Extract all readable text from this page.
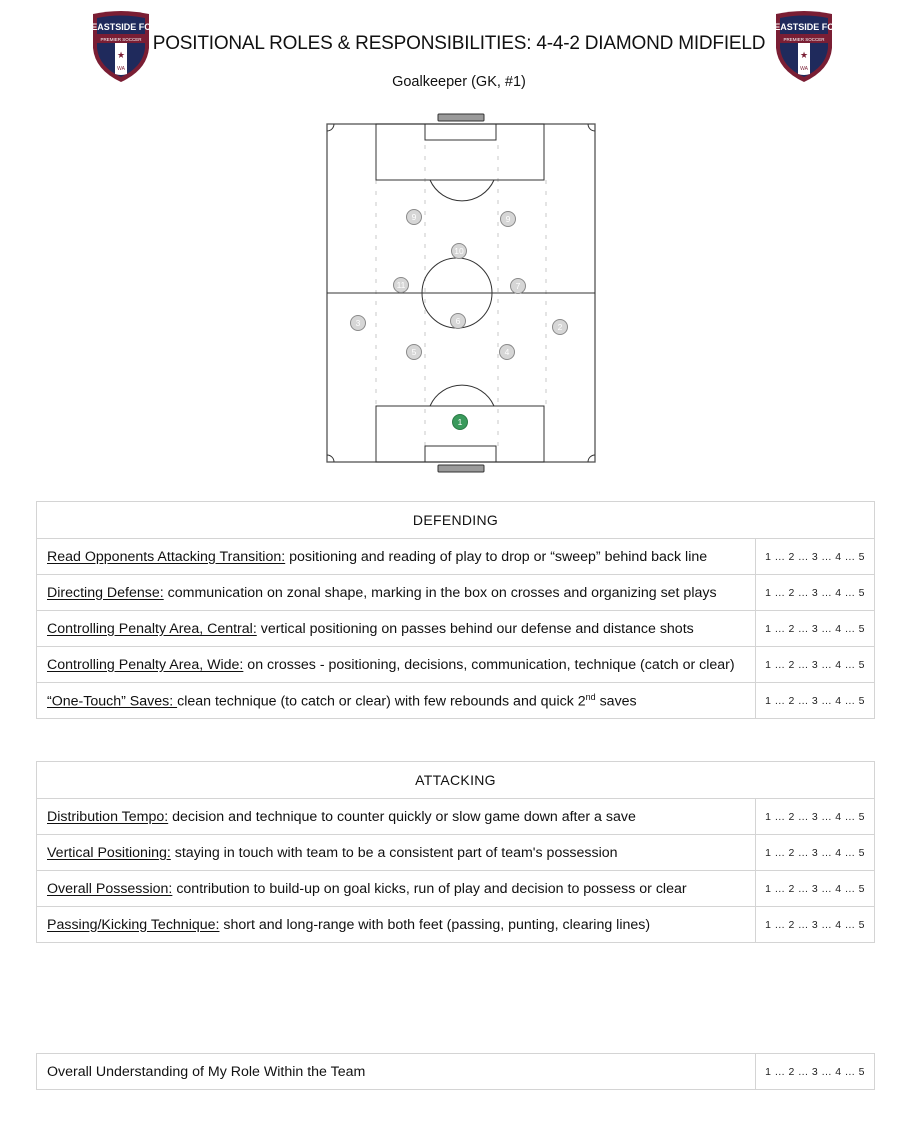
EASTSIDE FC
PREMIER SOCCER
★
WA
EASTSIDE FC
PREMIER SOCCER
★
WA
POSITIONAL ROLES & RESPONSIBILITIES: 4-4-2 DIAMOND MIDFIELD
Goalkeeper (GK, #1)
9	9
10
11	7
3	6
2
5	4
1
DEFENDING	
Read Opponents Attacking Transition: positioning and reading of play to drop or “sweep” behind back line	1 … 2 … 3 … 4 … 5
Directing Defense: communication on zonal shape, marking in the box on crosses and organizing set plays	1 … 2 … 3 … 4 … 5
Controlling Penalty Area, Central: vertical positioning on passes behind our defense and distance shots	1 … 2 … 3 … 4 … 5
Controlling Penalty Area, Wide: on crosses - positioning, decisions, communication, technique (catch or clear)	1 … 2 … 3 … 4 … 5
“One-Touch” Saves: clean technique (to catch or clear) with few rebounds and quick 2nd saves	1 … 2 … 3 … 4 … 5
ATTACKING	
Distribution Tempo: decision and technique to counter quickly or slow game down after a save	1 … 2 … 3 … 4 … 5
Vertical Positioning: staying in touch with team to be a consistent part of team's possession	1 … 2 … 3 … 4 … 5
Overall Possession: contribution to build-up on goal kicks, run of play and decision to possess or clear	1 … 2 … 3 … 4 … 5
Passing/Kicking Technique: short and long-range with both feet (passing, punting, clearing lines)	1 … 2 … 3 … 4 … 5
Overall Understanding of My Role Within the Team	1 … 2 … 3 … 4 … 5
